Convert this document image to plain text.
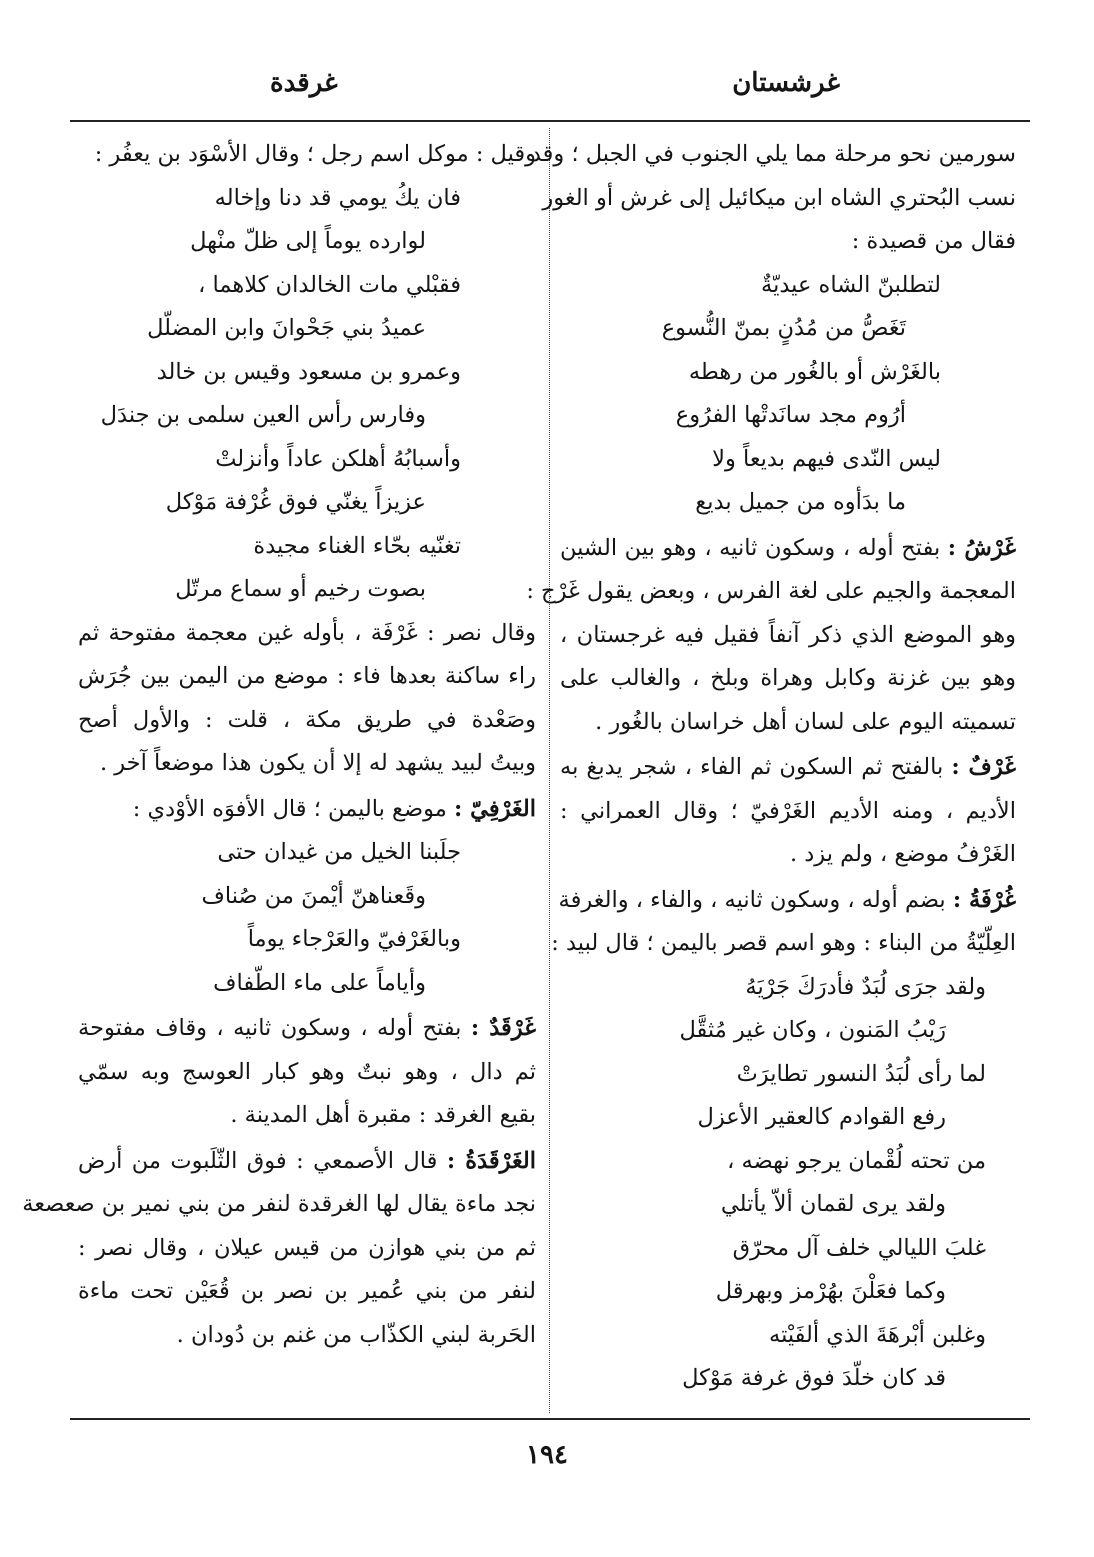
غرشستان
غرقدة
سورمين نحو مرحلة مما يلي الجنوب في الجبل ؛ وقد
نسب البُحتري الشاه ابن ميكائيل إلى غرش أو الغور
فقال من قصيدة :
لتطلبنّ الشاه عيديّةٌ
تَغَصُّ من مُدُنٍ بمنّ النُّسوع
بالغَرْش أو بالغُور من رهطه
أرُوم مجد سانَدتْها الفرُوع
ليس النّدى فيهم بديعاً ولا
ما بدَأوه من جميل بديع
غَرْشُ : بفتح أوله ، وسكون ثانيه ، وهو بين الشين
المعجمة والجيم على لغة الفرس ، وبعض يقول غَرْج :
وهو الموضع الذي ذكر آنفاً فقيل فيه غرجستان ،
وهو بين غزنة وكابل وهراة وبلخ ، والغالب على
تسميته اليوم على لسان أهل خراسان بالغُور .
غَرْفٌ : بالفتح ثم السكون ثم الفاء ، شجر يدبغ به
الأديم ، ومنه الأديم الغَرْفيّ ؛ وقال العمراني :
الغَرْفُ موضع ، ولم يزد .
غُرْفَةُ : بضم أوله ، وسكون ثانيه ، والفاء ، والغرفة
العِلّيّةُ من البناء : وهو اسم قصر باليمن ؛ قال لبيد :
ولقد جرَى لُبَدٌ فأدرَكَ جَرْيَهُ
رَيْبُ المَنون ، وكان غير مُثقَّل
لما رأى لُبَدُ النسور تطايرَتْ
رفع القوادم كالعقير الأعزل
من تحته لُقْمان يرجو نهضه ،
ولقد يرى لقمان ألاّ يأتلي
غلبَ الليالي خلف آل محرّق
وكما فعَلْنَ بهُرْمز وبهرقل
وغلبن أبْرهَةَ الذي ألفَيْته
قد كان خلّدَ فوق غرفة مَوْكل
وقيل : موكل اسم رجل ؛ وقال الأسْوَد بن يعفُر :
فان يكُ يومي قد دنا وإخاله
لوارده يوماً إلى ظلّ منْهل
فقبْلي مات الخالدان كلاهما ،
عميدُ بني جَحْوانَ وابن المضلّل
وعمرو بن مسعود وقيس بن خالد
وفارس رأس العين سلمى بن جندَل
وأسبابُهُ أهلكن عاداً وأنزلتْ
عزيزاً يغنّي فوق غُرْفة مَوْكل
تغنّيه بحّاء الغناء مجيدة
بصوت رخيم أو سماع مرتّل
وقال نصر : غَرْفَة ، بأوله غين معجمة مفتوحة ثم
راء ساكنة بعدها فاء : موضع من اليمن بين جُرَش
وصَعْدة في طريق مكة ، قلت : والأول أصح
وبيتُ لبيد يشهد له إلا أن يكون هذا موضعاً آخر .
الغَرْفِيّ : موضع باليمن ؛ قال الأفوَه الأوْدي :
جلَبنا الخيل من غيدان حتى
وقَعناهنّ أيْمنَ من صُناف
وبالغَرْفيّ والعَرْجاء يوماً
وأياماً على ماء الطّفاف
غَرْقَدٌ : بفتح أوله ، وسكون ثانيه ، وقاف مفتوحة
ثم دال ، وهو نبتٌ وهو كبار العوسج وبه سمّي
بقيع الغرقد : مقبرة أهل المدينة .
الغَرْقَدَةُ : قال الأصمعي : فوق الثّلَبوت من أرض
نجد ماءة يقال لها الغرقدة لنفر من بني نمير بن صعصعة
ثم من بني هوازن من قيس عيلان ، وقال نصر :
لنفر من بني عُمير بن نصر بن قُعَيْن تحت ماءة
الحَربة لبني الكذّاب من غنم بن دُودان .
١٩٤
